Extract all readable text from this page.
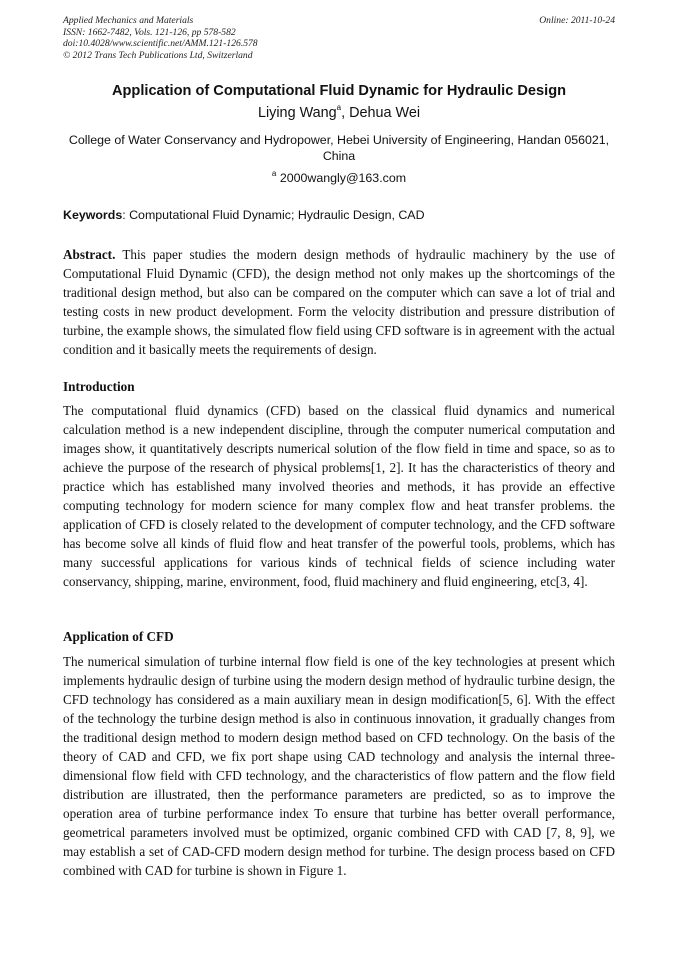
Applied Mechanics and Materials
ISSN: 1662-7482, Vols. 121-126, pp 578-582
doi:10.4028/www.scientific.net/AMM.121-126.578
© 2012 Trans Tech Publications Ltd, Switzerland
Online: 2011-10-24
Application of Computational Fluid Dynamic for Hydraulic Design
Liying Wang$^a$, Dehua Wei
College of Water Conservancy and Hydropower, Hebei University of Engineering, Handan 056021, China
$^a$ 2000wangly@163.com
Keywords: Computational Fluid Dynamic; Hydraulic Design, CAD
Abstract. This paper studies the modern design methods of hydraulic machinery by the use of Computational Fluid Dynamic (CFD), the design method not only makes up the shortcomings of the traditional design method, but also can be compared on the computer which can save a lot of trial and testing costs in new product development. Form the velocity distribution and pressure distribution of turbine, the example shows, the simulated flow field using CFD software is in agreement with the actual condition and it basically meets the requirements of design.
Introduction
The computational fluid dynamics (CFD) based on the classical fluid dynamics and numerical calculation method is a new independent discipline, through the computer numerical computation and images show, it quantitatively descripts numerical solution of the flow field in time and space, so as to achieve the purpose of the research of physical problems[1, 2]. It has the characteristics of theory and practice which has established many involved theories and methods, it has provide an effective computing technology for modern science for many complex flow and heat transfer problems. the application of CFD is closely related to the development of computer technology, and the CFD software has become solve all kinds of fluid flow and heat transfer of the powerful tools, problems, which has many successful applications for various kinds of technical fields of science including water conservancy, shipping, marine, environment, food, fluid machinery and fluid engineering, etc[3, 4].
Application of CFD
The numerical simulation of turbine internal flow field is one of the key technologies at present which implements hydraulic design of turbine using the modern design method of hydraulic turbine design, the CFD technology has considered as a main auxiliary mean in design modification[5, 6]. With the effect of the technology the turbine design method is also in continuous innovation, it gradually changes from the traditional design method to modern design method based on CFD technology. On the basis of the theory of CAD and CFD, we fix port shape using CAD technology and analysis the internal three-dimensional flow field with CFD technology, and the characteristics of flow pattern and the flow field distribution are illustrated, then the performance parameters are predicted, so as to improve the operation area of turbine performance index To ensure that turbine has better overall performance, geometrical parameters involved must be optimized, organic combined CFD with CAD [7, 8, 9], we may establish a set of CAD-CFD modern design method for turbine. The design process based on CFD combined with CAD for turbine is shown in Figure 1.
